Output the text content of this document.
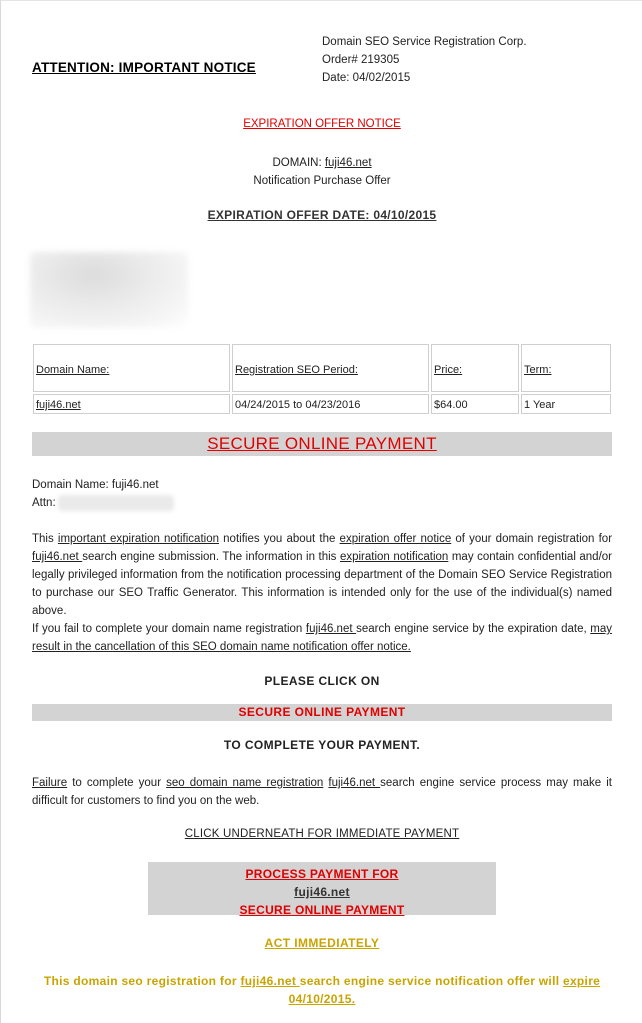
ATTENTION: IMPORTANT NOTICE
Domain SEO Service Registration Corp.
Order# 219305
Date: 04/02/2015
EXPIRATION OFFER NOTICE
DOMAIN: fuji46.net
Notification Purchase Offer
EXPIRATION OFFER DATE: 04/10/2015
Domain Name:	Registration SEO Period:	Price:	Term:
fuji46.net	04/24/2015 to 04/23/2016	$64.00	1 Year
SECURE ONLINE PAYMENT
Domain Name: fuji46.net
Attn:
This important expiration notification notifies you about the expiration offer notice of your domain registration for fuji46.net search engine submission. The information in this expiration notification may contain confidential and/or legally privileged information from the notification processing department of the Domain SEO Service Registration to purchase our SEO Traffic Generator. This information is intended only for the use of the individual(s) named above.
If you fail to complete your domain name registration fuji46.net search engine service by the expiration date, may result in the cancellation of this SEO domain name notification offer notice.
PLEASE CLICK ON
SECURE ONLINE PAYMENT
TO COMPLETE YOUR PAYMENT.
Failure to complete your seo domain name registration fuji46.net search engine service process may make it difficult for customers to find you on the web.
CLICK UNDERNEATH FOR IMMEDIATE PAYMENT
PROCESS PAYMENT FOR
fuji46.net
SECURE ONLINE PAYMENT
ACT IMMEDIATELY
This domain seo registration for fuji46.net search engine service notification offer will expire
04/10/2015.
